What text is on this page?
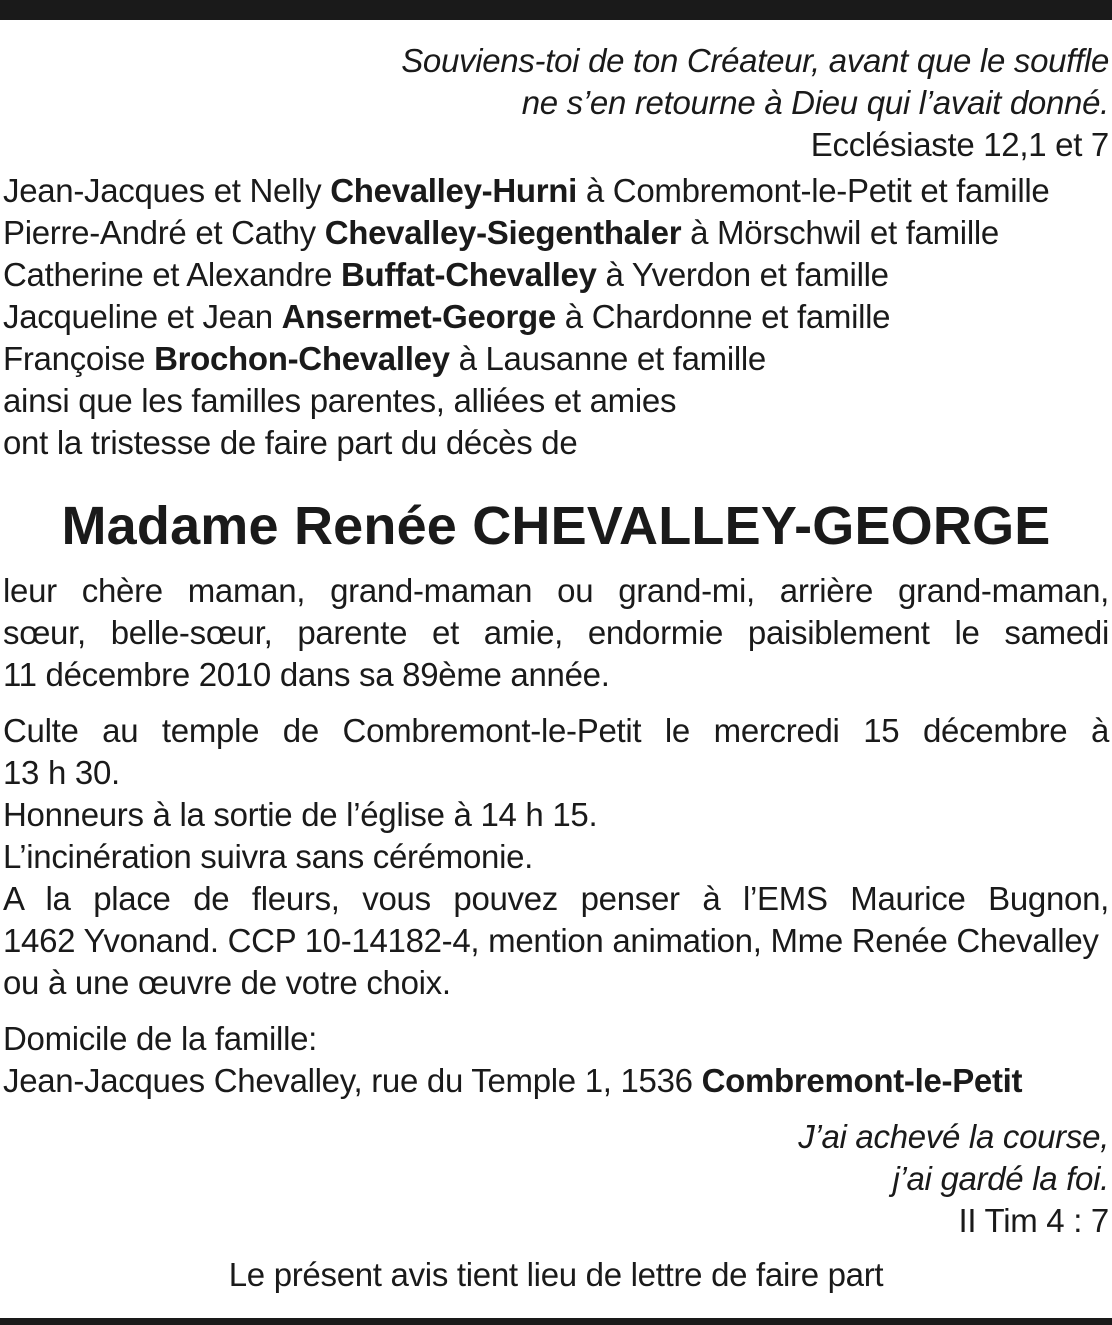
Souviens-toi de ton Créateur, avant que le souffle
ne s’en retourne à Dieu qui l’avait donné.
Ecclésiaste 12,1 et 7
Jean-Jacques et Nelly Chevalley-Hurni à Combremont-le-Petit et famille
Pierre-André et Cathy Chevalley-Siegenthaler à Mörschwil et famille
Catherine et Alexandre Buffat-Chevalley à Yverdon et famille
Jacqueline et Jean Ansermet-George à Chardonne et famille
Françoise Brochon-Chevalley à Lausanne et famille
ainsi que les familles parentes, alliées et amies
ont la tristesse de faire part du décès de
Madame Renée CHEVALLEY-GEORGE
leur chère maman, grand-maman ou grand-mi, arrière grand-maman,
sœur, belle-sœur, parente et amie, endormie paisiblement le samedi
11 décembre 2010 dans sa 89ème année.
Culte au temple de Combremont-le-Petit le mercredi 15 décembre à
13 h 30.
Honneurs à la sortie de l’église à 14 h 15.
L’incinération suivra sans cérémonie.
A la place de fleurs, vous pouvez penser à l’EMS Maurice Bugnon,
1462 Yvonand. CCP 10-14182-4, mention animation, Mme Renée Chevalley
ou à une œuvre de votre choix.
Domicile de la famille:
Jean-Jacques Chevalley, rue du Temple 1, 1536 Combremont-le-Petit
J’ai achevé la course,
j’ai gardé la foi.
II Tim 4 : 7
Le présent avis tient lieu de lettre de faire part
